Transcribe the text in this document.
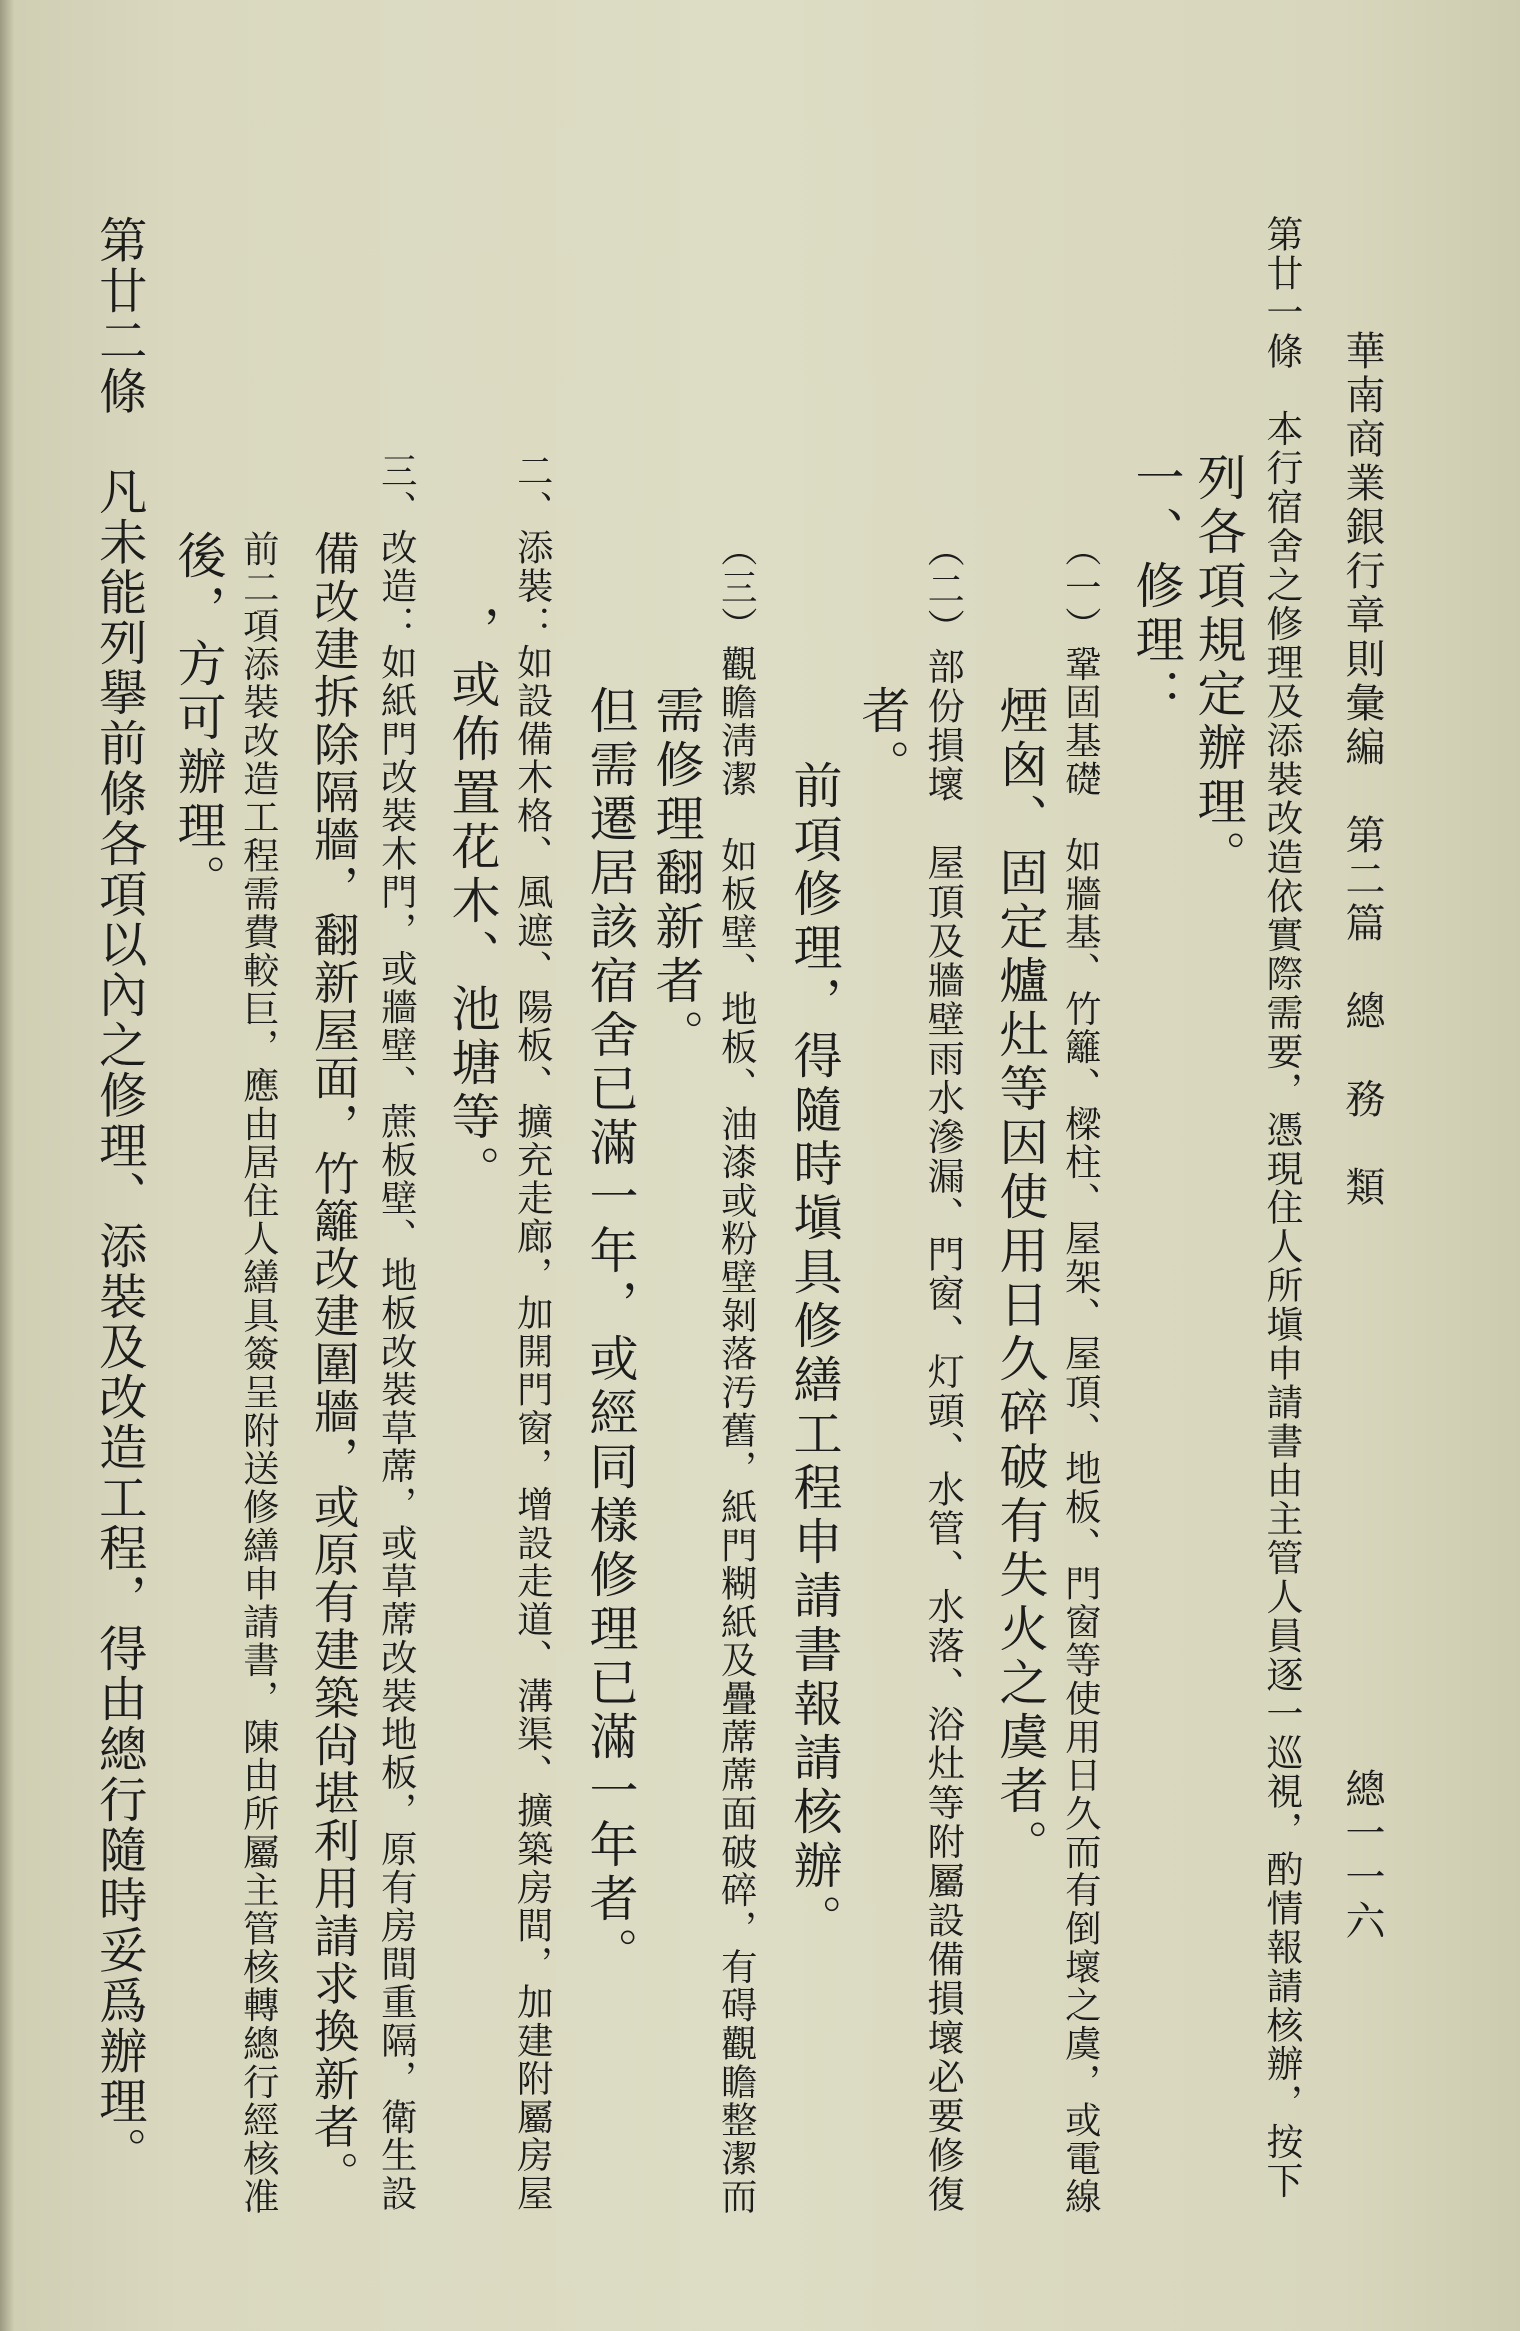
華南商業銀行章則彙編　第二篇　總　務　類
總一一六
第廿一條　本行宿舍之修理及添裝改造依實際需要，憑現住人所塡申請書由主管人員逐一巡視，酌情報請核辦，按下
列各項規定辦理。
一、修理：
（一）鞏固基礎　如牆基、竹籬、樑柱、屋架、屋頂、地板、門窗等使用日久而有倒壞之虞，或電線
煙囪、固定爐灶等因使用日久碎破有失火之虞者。
（二）部份損壞　屋頂及牆壁雨水滲漏、門窗、灯頭、水管、水落、浴灶等附屬設備損壞必要修復
者。
前項修理，得隨時塡具修繕工程申請書報請核辦。
（三）觀瞻淸潔　如板壁、地板、油漆或粉壁剝落汚舊，紙門糊紙及疊蓆蓆面破碎，有碍觀瞻整潔而
需修理翻新者。
但需遷居該宿舍已滿一年，或經同樣修理已滿一年者。
二、添裝：如設備木格、風遮、陽板、擴充走廊，加開門窗，增設走道、溝渠、擴築房間，加建附屬房屋
，或佈置花木、池塘等。
三、改造：如紙門改裝木門，或牆壁、蔗板壁、地板改裝草蓆，或草蓆改裝地板，原有房間重隔，衛生設
備改建拆除隔牆，翻新屋面，竹籬改建圍牆，或原有建築尙堪利用請求換新者。
前二項添裝改造工程需費較巨，應由居住人繕具簽呈附送修繕申請書，陳由所屬主管核轉總行經核准
後，方可辦理。
第廿二條　凡未能列擧前條各項以內之修理、添裝及改造工程，得由總行隨時妥爲辦理。
